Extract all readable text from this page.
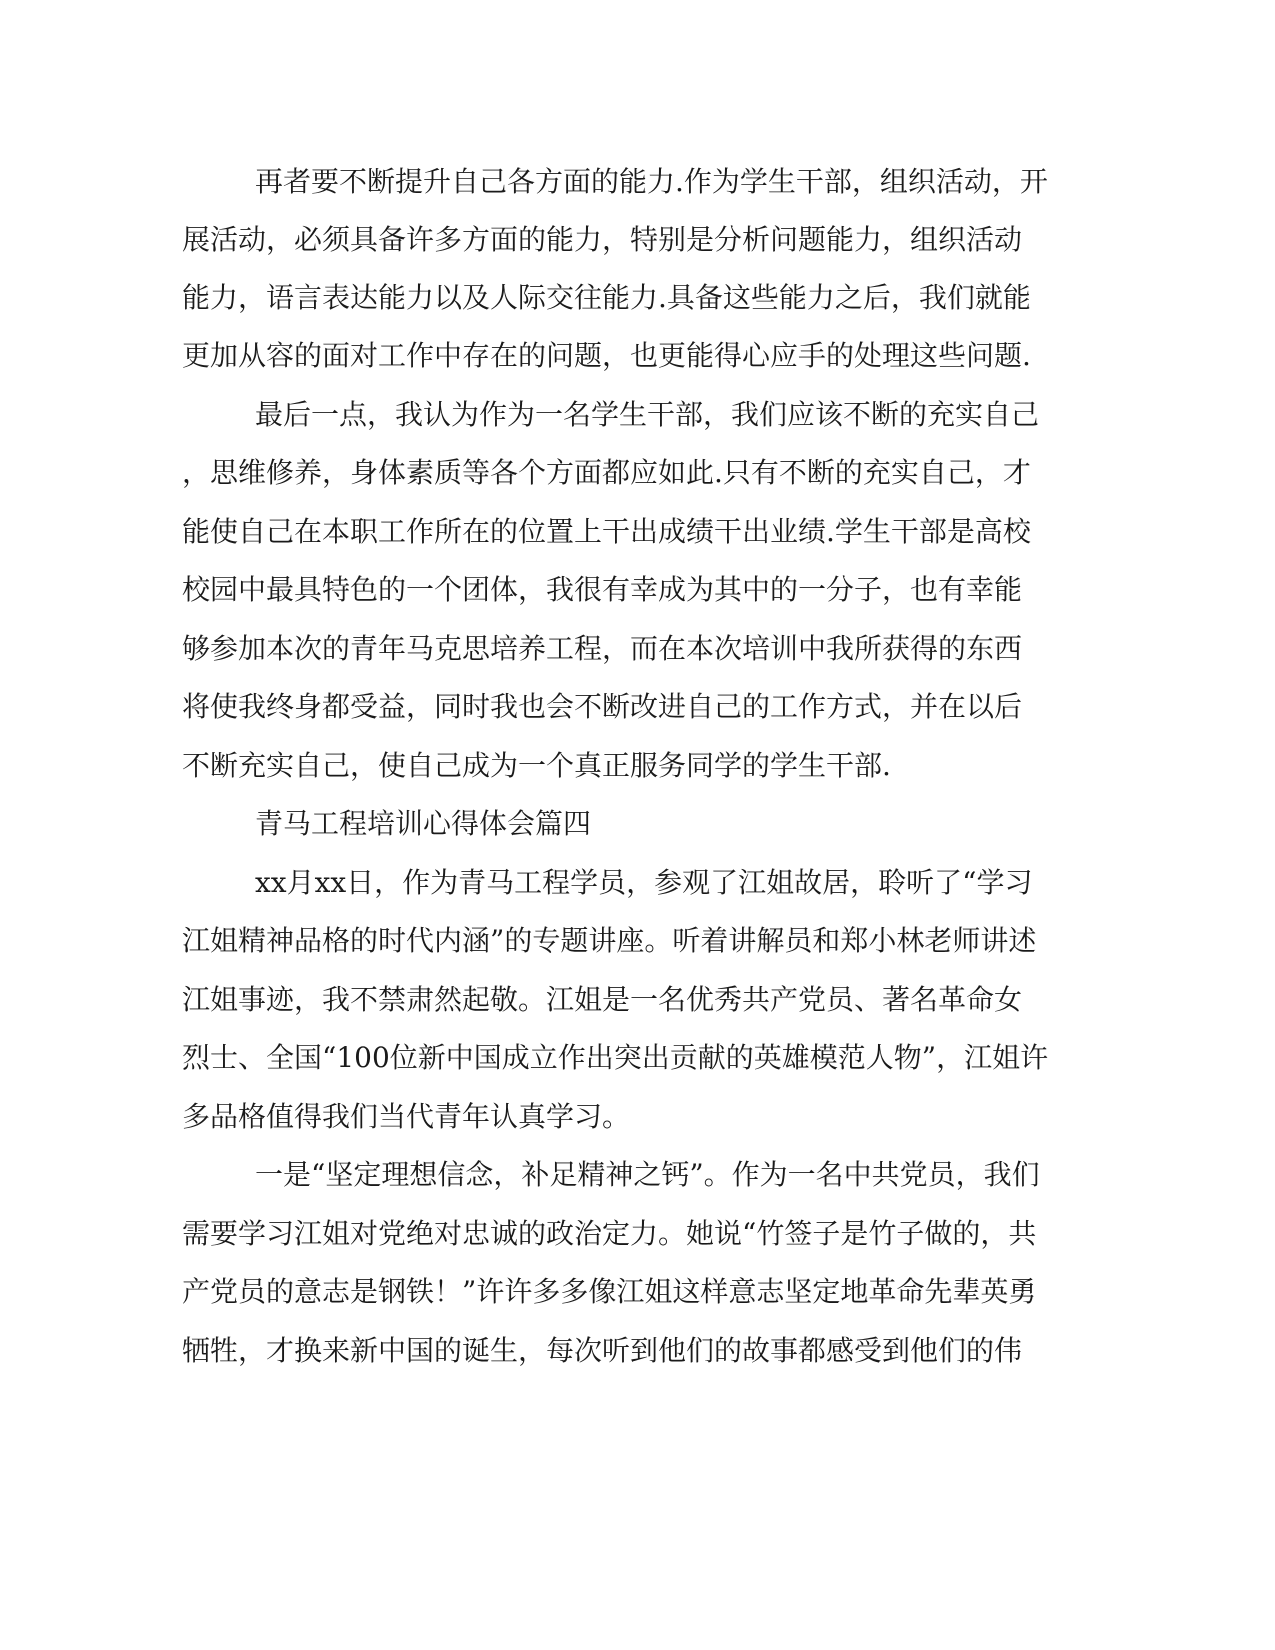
再者要不断提升自己各方面的能力.作为学生干部，组织活动，开
展活动，必须具备许多方面的能力，特别是分析问题能力，组织活动
能力，语言表达能力以及人际交往能力.具备这些能力之后，我们就能
更加从容的面对工作中存在的问题，也更能得心应手的处理这些问题.
最后一点，我认为作为一名学生干部，我们应该不断的充实自己
，思维修养，身体素质等各个方面都应如此.只有不断的充实自己，才
能使自己在本职工作所在的位置上干出成绩干出业绩.学生干部是高校
校园中最具特色的一个团体，我很有幸成为其中的一分子，也有幸能
够参加本次的青年马克思培养工程，而在本次培训中我所获得的东西
将使我终身都受益，同时我也会不断改进自己的工作方式，并在以后
不断充实自己，使自己成为一个真正服务同学的学生干部.
青马工程培训心得体会篇四
xx月xx日，作为青马工程学员，参观了江姐故居，聆听了“学习
江姐精神品格的时代内涵”的专题讲座。听着讲解员和郑小林老师讲述
江姐事迹，我不禁肃然起敬。江姐是一名优秀共产党员、著名革命女
烈士、全国“100位新中国成立作出突出贡献的英雄模范人物”，江姐许
多品格值得我们当代青年认真学习。
一是“坚定理想信念，补足精神之钙”。作为一名中共党员，我们
需要学习江姐对党绝对忠诚的政治定力。她说“竹签子是竹子做的，共
产党员的意志是钢铁！”许许多多像江姐这样意志坚定地革命先辈英勇
牺牲，才换来新中国的诞生，每次听到他们的故事都感受到他们的伟
